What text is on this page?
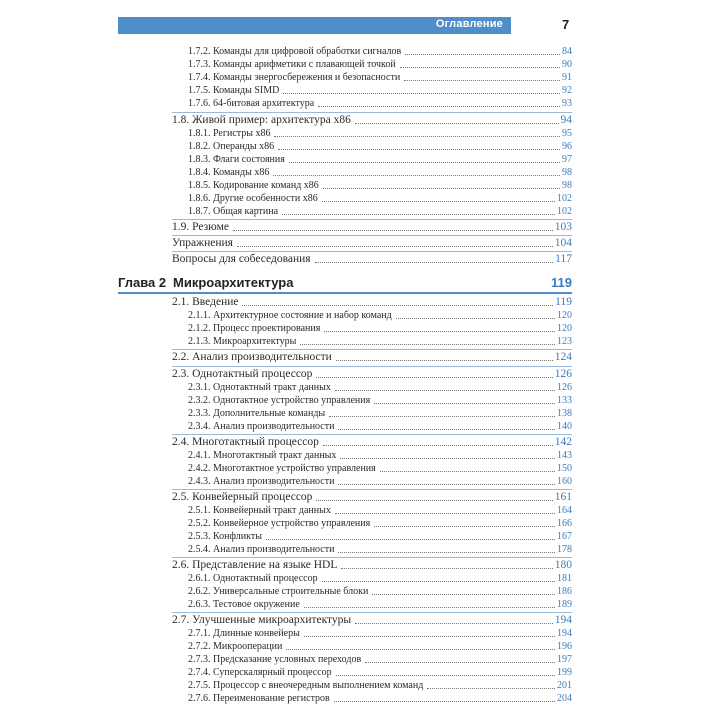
Оглавление	7
1.7.2. Команды для цифровой обработки сигналов	84
1.7.3. Команды арифметики с плавающей точкой	90
1.7.4. Команды энергосбережения и безопасности	91
1.7.5. Команды SIMD	92
1.7.6. 64-битовая архитектура	93
1.8. Живой пример: архитектура x86	94
1.8.1. Регистры x86	95
1.8.2. Операнды x86	96
1.8.3. Флаги состояния	97
1.8.4. Команды x86	98
1.8.5. Кодирование команд x86	98
1.8.6. Другие особенности x86	102
1.8.7. Общая картина	102
1.9. Резюме	103
Упражнения	104
Вопросы для собеседования	117
Глава 2 Микроархитектура	119
2.1. Введение	119
2.1.1. Архитектурное состояние и набор команд	120
2.1.2. Процесс проектирования	120
2.1.3. Микроархитектуры	123
2.2. Анализ производительности	124
2.3. Однотактный процессор	126
2.3.1. Однотактный тракт данных	126
2.3.2. Однотактное устройство управления	133
2.3.3. Дополнительные команды	138
2.3.4. Анализ производительности	140
2.4. Многотактный процессор	142
2.4.1. Многотактный тракт данных	143
2.4.2. Многотактное устройство управления	150
2.4.3. Анализ производительности	160
2.5. Конвейерный процессор	161
2.5.1. Конвейерный тракт данных	164
2.5.2. Конвейерное устройство управления	166
2.5.3. Конфликты	167
2.5.4. Анализ производительности	178
2.6. Представление на языке HDL	180
2.6.1. Однотактный процессор	181
2.6.2. Универсальные строительные блоки	186
2.6.3. Тестовое окружение	189
2.7. Улучшенные микроархитектуры	194
2.7.1. Длинные конвейеры	194
2.7.2. Микрооперации	196
2.7.3. Предсказание условных переходов	197
2.7.4. Суперскалярный процессор	199
2.7.5. Процессор с внеочередным выполнением команд	201
2.7.6. Переименование регистров	204
